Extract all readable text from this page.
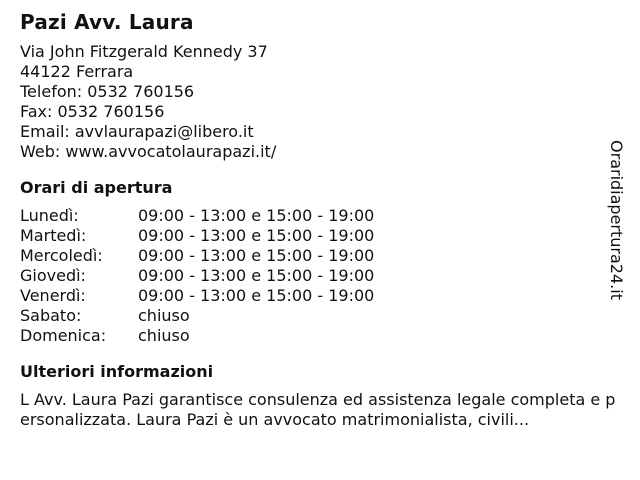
Pazi Avv. Laura
Via John Fitzgerald Kennedy 37
44122 Ferrara
Telefon: 0532 760156
Fax: 0532 760156
Email: avvlaurapazi@libero.it
Web: www.avvocatolaurapazi.it/
Orari di apertura
Lunedì:	09:00 - 13:00 e 15:00 - 19:00
Martedì:	09:00 - 13:00 e 15:00 - 19:00
Mercoledì:	09:00 - 13:00 e 15:00 - 19:00
Giovedì:	09:00 - 13:00 e 15:00 - 19:00
Venerdì:	09:00 - 13:00 e 15:00 - 19:00
Sabato:	chiuso
Domenica:	chiuso
Ulteriori informazioni
L Avv. Laura Pazi garantisce consulenza ed assistenza legale completa e personalizzata. Laura Pazi è un avvocato matrimonialista, civili...
Oraridiapertura24.it
